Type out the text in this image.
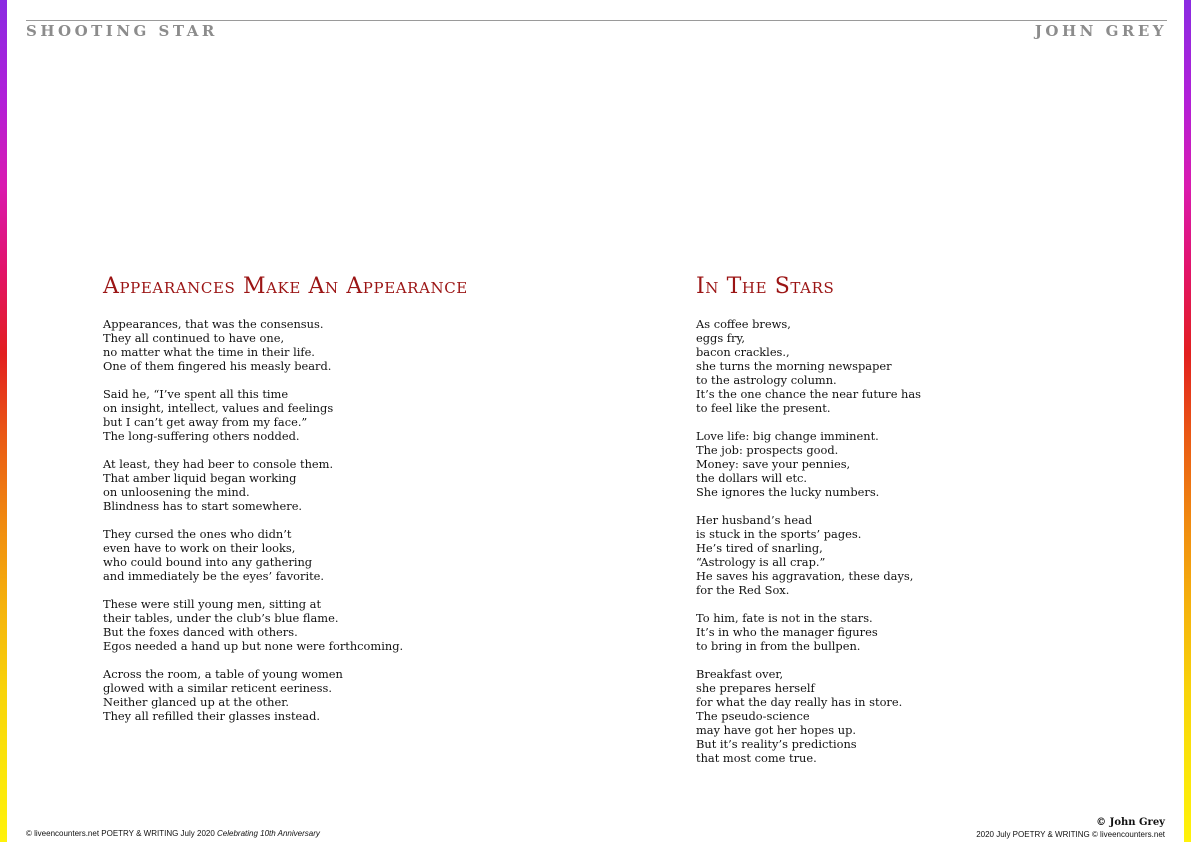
SHOOTING STAR	JOHN GREY
Appearances Make An Appearance
Appearances, that was the consensus.
They all continued to have one,
no matter what the time in their life.
One of them fingered his measly beard.
Said he, “I’ve spent all this time
on insight, intellect, values and feelings
but I can’t get away from my face.”
The long-suffering others nodded.
At least, they had beer to console them.
That amber liquid began working
on unloosening the mind.
Blindness has to start somewhere.
They cursed the ones who didn’t
even have to work on their looks,
who could bound into any gathering
and immediately be the eyes’ favorite.
These were still young men, sitting at
their tables, under the club’s blue flame.
But the foxes danced with others.
Egos needed a hand up but none were forthcoming.
Across the room, a table of young women
glowed with a similar reticent eeriness.
Neither glanced up at the other.
They all refilled their glasses instead.
In The Stars
As coffee brews,
eggs fry,
bacon crackles.,
she turns the morning newspaper
to the astrology column.
It’s the one chance the near future has
to feel like the present.
Love life: big change imminent.
The job: prospects good.
Money: save your pennies,
the dollars will etc.
She ignores the lucky numbers.
Her husband’s head
is stuck in the sports’ pages.
He’s tired of snarling,
“Astrology is all crap.”
He saves his aggravation, these days,
for the Red Sox.
To him, fate is not in the stars.
It’s in who the manager figures
to bring in from the bullpen.
Breakfast over,
she prepares herself
for what the day really has in store.
The pseudo-science
may have got her hopes up.
But it’s reality’s predictions
that most come true.
© liveencounters.net POETRY & WRITING July 2020 Celebrating 10th Anniversary
© John Grey
2020 July POETRY & WRITING © liveencounters.net
